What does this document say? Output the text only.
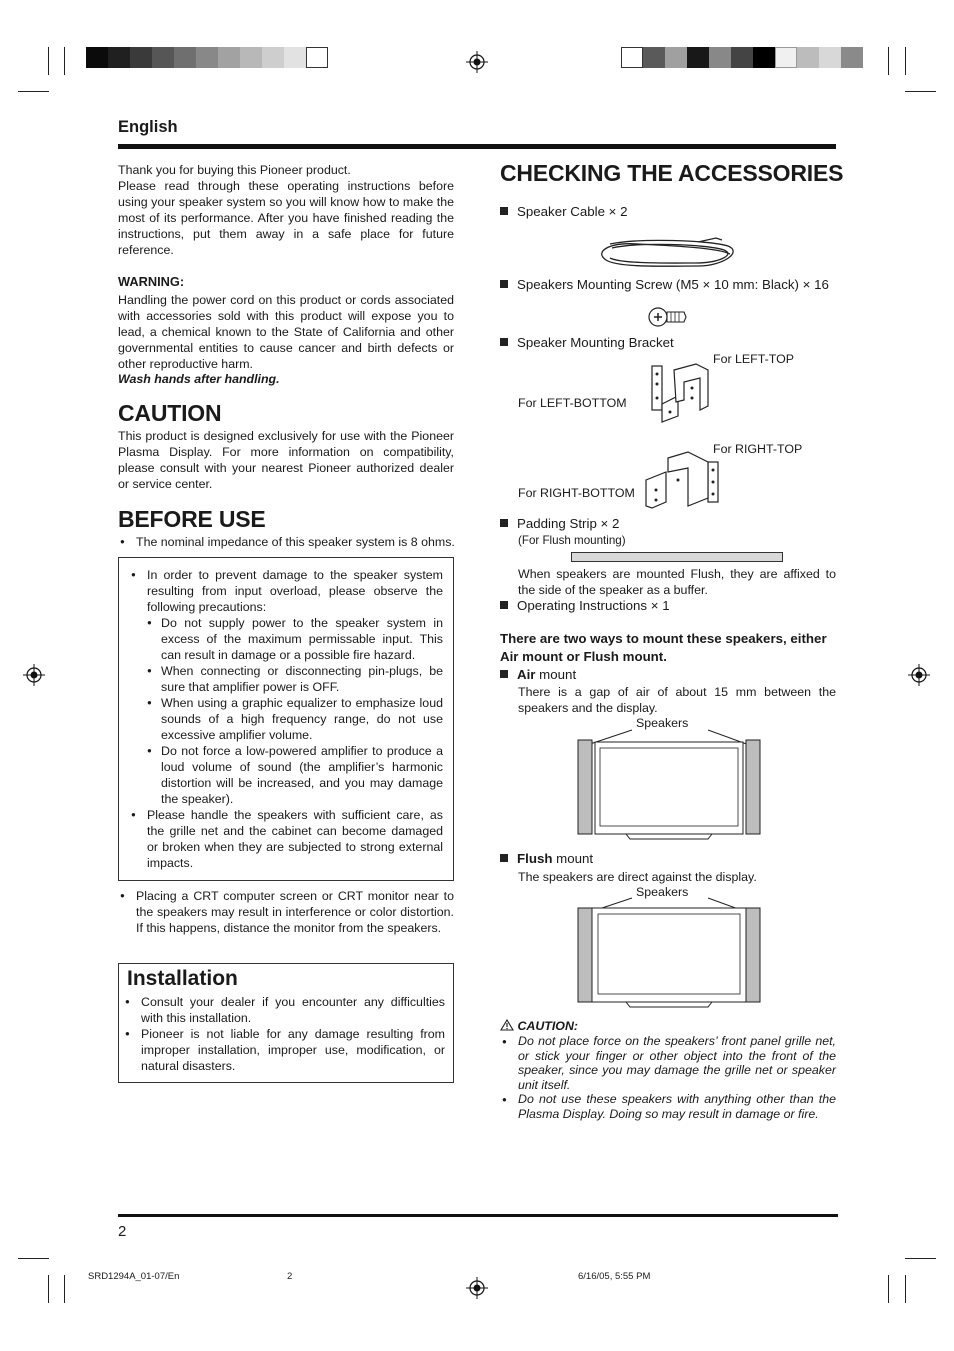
English
Thank you for buying this Pioneer product.
Please read through these operating instructions before using your speaker system so you will know how to make the most of its performance. After you have finished reading the instructions, put them away in a safe place for future reference.
WARNING:
Handling the power cord on this product or cords associated with accessories sold with this product will expose you to lead, a chemical known to the State of California and other governmental entities to cause cancer and birth defects or other reproductive harm.
Wash hands after handling.
CAUTION
This product is designed exclusively for use with the Pioneer Plasma Display. For more information on compatibility, please consult with your nearest Pioneer authorized dealer or service center.
BEFORE USE
● The nominal impedance of this speaker system is 8 ohms.
● In order to prevent damage to the speaker system resulting from input overload, please observe the following precautions:
● Do not supply power to the speaker system in excess of the maximum permissable input. This can result in damage or a possible fire hazard.
● When connecting or disconnecting pin-plugs, be sure that amplifier power is OFF.
● When using a graphic equalizer to emphasize loud sounds of a high frequency range, do not use excessive amplifier volume.
● Do not force a low-powered amplifier to produce a loud volume of sound (the amplifier’s harmonic distortion will be increased, and you may damage the speaker).
● Please handle the speakers with sufficient care, as the grille net and the cabinet can become damaged or broken when they are subjected to strong external impacts.
● Placing a CRT computer screen or CRT monitor near to the speakers may result in interference or color distortion. If this happens, distance the monitor from the speakers.
Installation
● Consult your dealer if you encounter any difficulties with this installation.
● Pioneer is not liable for any damage resulting from improper installation, improper use, modification, or natural disasters.
CHECKING THE ACCESSORIES
Speaker Cable × 2
Speakers Mounting Screw (M5 × 10 mm: Black) × 16
Speaker Mounting Bracket
For LEFT-TOP
For LEFT-BOTTOM
For RIGHT-TOP
For RIGHT-BOTTOM
Padding Strip × 2
(For Flush mounting)
When speakers are mounted Flush, they are affixed to the side of the speaker as a buffer.
Operating Instructions × 1
There are two ways to mount these speakers, either Air mount or Flush mount.
Air mount
There is a gap of air of about 15 mm between the speakers and the display.
Speakers
Flush mount
The speakers are direct against the display.
Speakers
CAUTION:
● Do not place force on the speakers’ front panel grille net, or stick your finger or other object into the front of the speaker, since you may damage the grille net or speaker unit itself.
● Do not use these speakers with anything other than the Plasma Display. Doing so may result in damage or fire.
2
SRD1294A_01-07/En	2	6/16/05, 5:55 PM
